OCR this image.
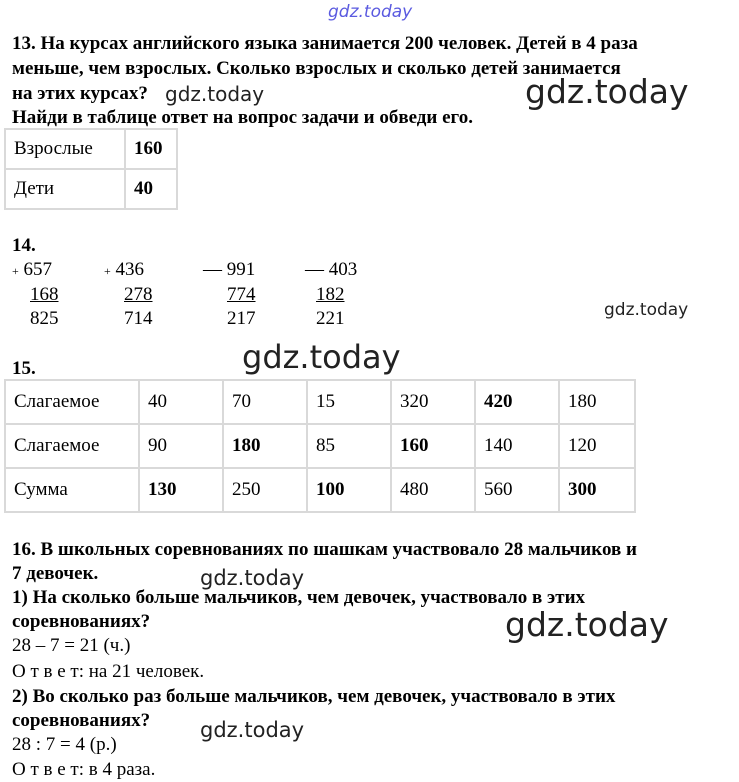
gdz.today
13. На курсах английского языка занимается 200 человек. Детей в 4 раза
меньше, чем взрослых. Сколько взрослых и сколько детей занимается
на этих курсах? gdz.today	gdz.today
Найди в таблице ответ на вопрос задачи и обведи его.
Взрослые	160
Дети	40
14.
+ 657
168
825
+ 436
278
714
— 991
774
217
— 403
182
221	gdz.today
gdz.today
15.
Слагаемое	40	70	15	320	420	180
Слагаемое	90	180	85	160	140	120
Сумма	130	250	100	480	560	300
16. В школьных соревнованиях по шашкам участвовало 28 мальчиков и
7 девочек.	gdz.today
1) На сколько больше мальчиков, чем девочек, участвовало в этих
соревнованиях?	gdz.today
28 – 7 = 21 (ч.)
О т в е т: на 21 человек.
2) Во сколько раз больше мальчиков, чем девочек, участвовало в этих
соревнованиях? gdz.today
28 : 7 = 4 (р.)
О т в е т: в 4 раза.
